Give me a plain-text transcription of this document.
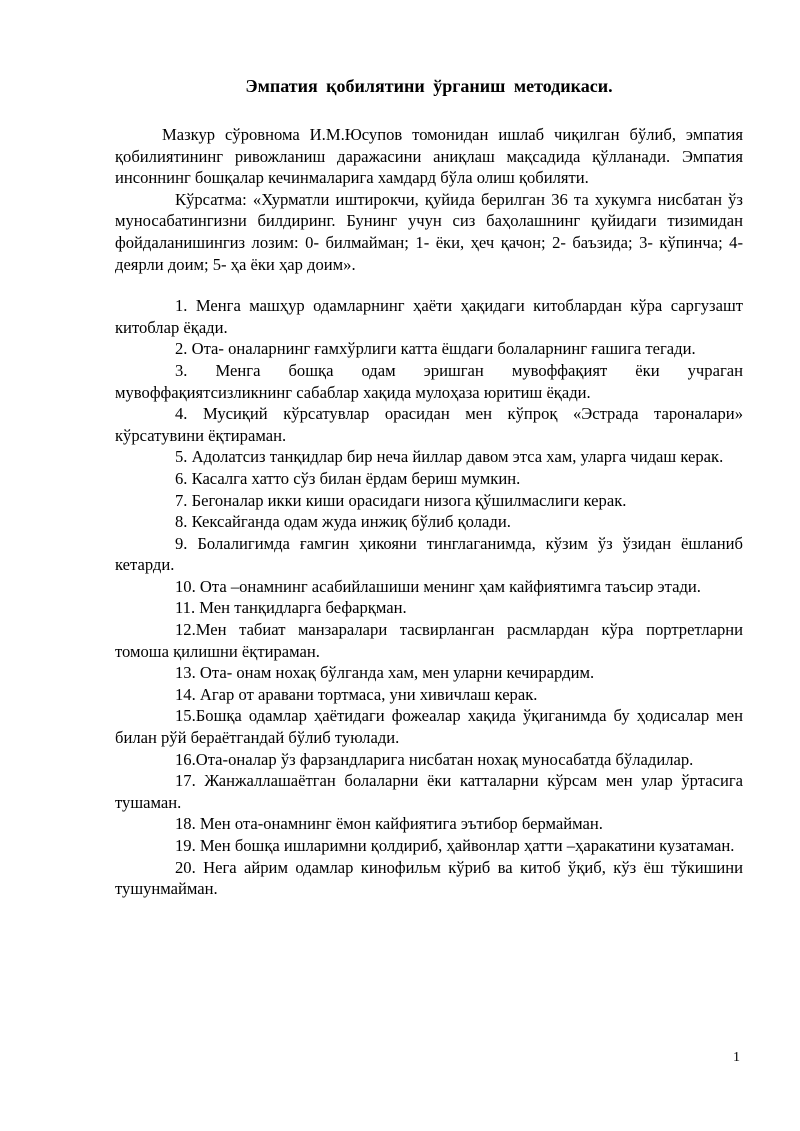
Эмпатия қобилятини ўрганиш методикаси.
Мазкур сўровнома И.М.Юсупов томонидан ишлаб чиқилган бўлиб, эмпатия қобилиятининг ривожланиш даражасини аниқлаш мақсадида қўлланади. Эмпатия инсоннинг бошқалар кечинмаларига хамдард бўла олиш қобиляти.
Кўрсатма: «Хурматли иштирокчи, қуйида берилган 36 та хукумга нисбатан ўз муносабатингизни билдиринг. Бунинг учун сиз баҳолашнинг қуйидаги тизимидан фойдаланишингиз лозим: 0- билмайман; 1- ёки, ҳеч қачон; 2- баъзида; 3- кўпинча; 4- деярли доим; 5- ҳа ёки ҳар доим».
1. Менга машҳур одамларнинг ҳаёти ҳақидаги китоблардан кўра саргузашт китоблар ёқади.
2. Ота- оналарнинг ғамхўрлиги катта ёшдаги болаларнинг ғашига тегади.
3. Менга бошқа одам эришган мувоффақият ёки учраган мувоффақиятсизликнинг сабаблар хақида мулоҳаза юритиш ёқади.
4. Мусиқий кўрсатувлар орасидан мен кўпроқ «Эстрада тароналари» кўрсатувини ёқтираман.
5. Адолатсиз танқидлар бир неча йиллар давом этса хам, уларга чидаш керак.
6. Касалга хатто сўз билан ёрдам бериш мумкин.
7. Бегоналар икки киши орасидаги низога қўшилмаслиги керак.
8. Кексайганда одам жуда инжиқ бўлиб қолади.
9. Болалигимда ғамгин ҳикояни тинглаганимда, кўзим ўз ўзидан ёшланиб кетарди.
10. Ота –онамнинг асабийлашиши менинг ҳам кайфиятимга таъсир этади.
11. Мен танқидларга бефарқман.
12.Мен табиат манзаралари тасвирланган расмлардан кўра портретларни томоша қилишни ёқтираман.
13. Ота- онам нохақ бўлганда хам, мен уларни кечирардим.
14. Агар от аравани тортмаса, уни хивичлаш керак.
15.Бошқа одамлар ҳаётидаги фожеалар хақида ўқиганимда бу ҳодисалар мен билан рўй бераётгандай бўлиб туюлади.
16.Ота-оналар ўз фарзандларига нисбатан нохақ муносабатда бўладилар.
17. Жанжаллашаётган болаларни ёки катталарни кўрсам мен улар ўртасига тушаман.
18. Мен ота-онамнинг ёмон кайфиятига эътибор бермайман.
19. Мен бошқа ишларимни қолдириб, ҳайвонлар ҳатти –ҳаракатини кузатаман.
20. Нега айрим одамлар кинофильм кўриб ва китоб ўқиб, кўз ёш тўкишини тушунмайман.
1
